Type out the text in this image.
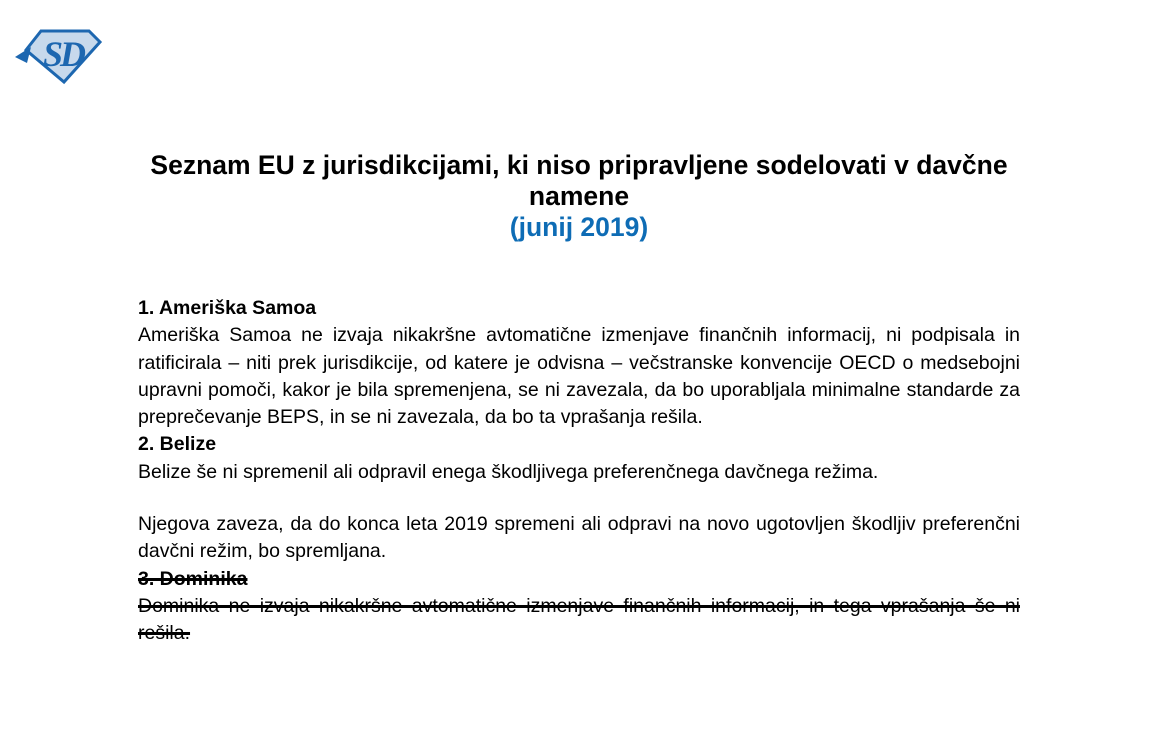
SD
Seznam EU z jurisdikcijami, ki niso pripravljene sodelovati v davčne namene
(junij 2019)
1. Ameriška Samoa

Ameriška Samoa ne izvaja nikakršne avtomatične izmenjave finančnih informacij, ni podpisala in ratificirala – niti prek jurisdikcije, od katere je odvisna – večstranske konvencije OECD o medsebojni upravni pomoči, kakor je bila spremenjena, se ni zavezala, da bo uporabljala minimalne standarde za preprečevanje BEPS, in se ni zavezala, da bo ta vprašanja rešila.

2. Belize

Belize še ni spremenil ali odpravil enega škodljivega preferenčnega davčnega režima.

Njegova zaveza, da do konca leta 2019 spremeni ali odpravi na novo ugotovljen škodljiv preferenčni davčni režim, bo spremljana.

3. Dominika

Dominika ne izvaja nikakršne avtomatične izmenjave finančnih informacij, in tega vprašanja še ni rešila.
